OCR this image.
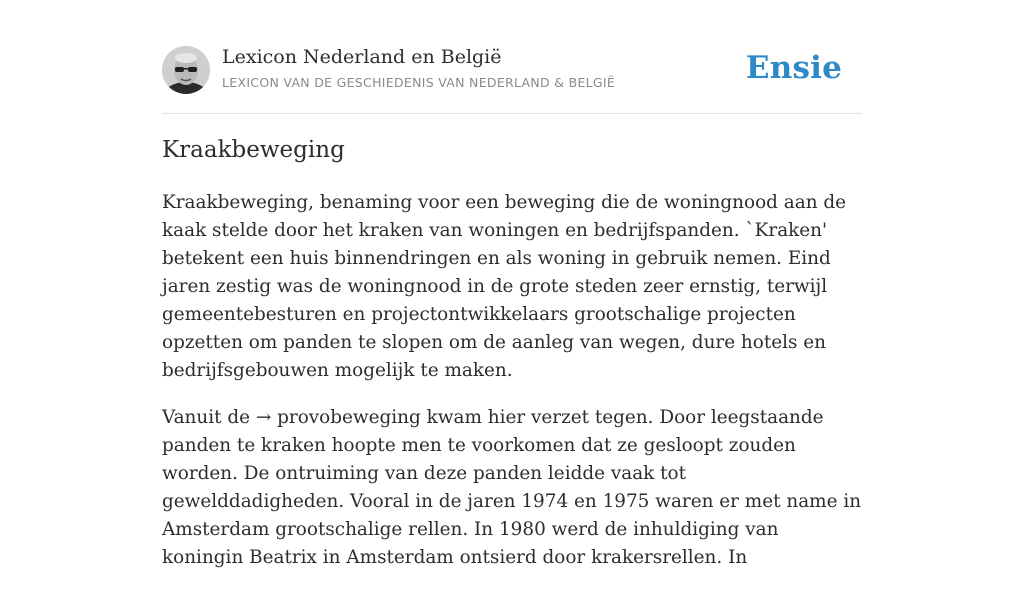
Lexicon Nederland en België
LEXICON VAN DE GESCHIEDENIS VAN NEDERLAND & BELGIË	Ensie
Kraakbeweging

Kraakbeweging, benaming voor een beweging die de woningnood aan de kaak stelde door het kraken van woningen en bedrijfspanden. `Kraken' betekent een huis binnendringen en als woning in gebruik nemen. Eind jaren zestig was de woningnood in de grote steden zeer ernstig, terwijl gemeentebesturen en projectontwikkelaars grootschalige projecten opzetten om panden te slopen om de aanleg van wegen, dure hotels en bedrijfsgebouwen mogelijk te maken.

Vanuit de → provobeweging kwam hier verzet tegen. Door leegstaande panden te kraken hoopte men te voorkomen dat ze gesloopt zouden worden. De ontruiming van deze panden leidde vaak tot gewelddadigheden. Vooral in de jaren 1974 en 1975 waren er met name in Amsterdam grootschalige rellen. In 1980 werd de inhuldiging van koningin Beatrix in Amsterdam ontsierd door krakersrellen. In
